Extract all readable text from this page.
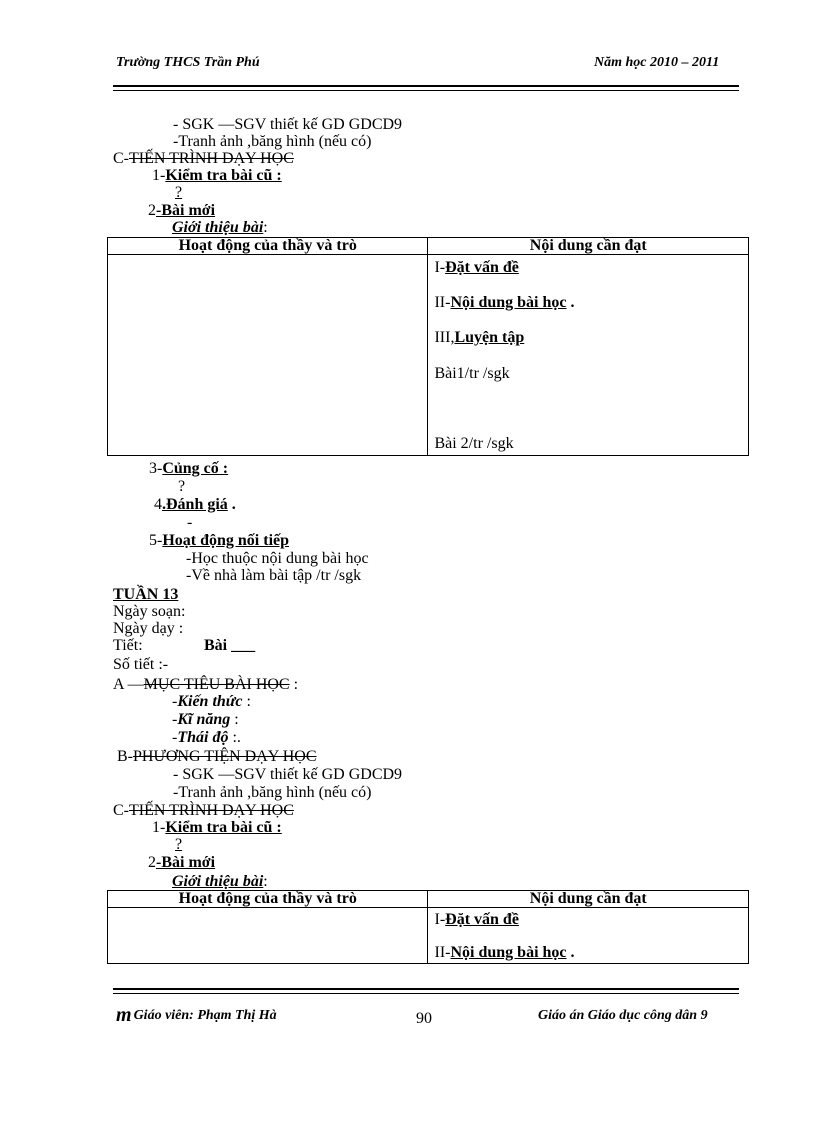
Trường THCS Trần Phú	Năm học 2010 – 2011
- SGK —SGV thiết kế GD GDCD9
-Tranh ảnh ,băng hình (nếu có)
C-TIẾN TRÌNH DẠY HỌC
1-Kiểm tra bài cũ :
?
2-Bài mới
Giới thiệu bài:
Hoạt động của thầy và trò	Nội dung cần đạt

	I-Đặt vấn đề
II-Nội dung bài học .
III,Luyện tập
Bài1/tr /sgk
Bài 2/tr /sgk
3-Củng cố :
?
4.Đánh giá .
-
5-Hoạt động nối tiếp
-Học thuộc nội dung bài học
-Về nhà làm bài tập /tr /sgk
TUẦN 13
Ngày soạn:
Ngày dạy :
Tiết:	Bài ___
Số tiết :-
A —MỤC TIÊU BÀI HỌC :
-Kiến thức :
-Kĩ năng :
-Thái độ :.
B-PHƯƠNG TIỆN DẠY HỌC
- SGK —SGV thiết kế GD GDCD9
-Tranh ảnh ,băng hình (nếu có)
C-TIẾN TRÌNH DẠY HỌC
1-Kiểm tra bài cũ :
?
2-Bài mới
Giới thiệu bài:
Hoạt động của thầy và trò	Nội dung cần đạt

	I-Đặt vấn đề
II-Nội dung bài học .
m Giáo viên: Phạm Thị Hà	90	Giáo án Giáo dục công dân 9
